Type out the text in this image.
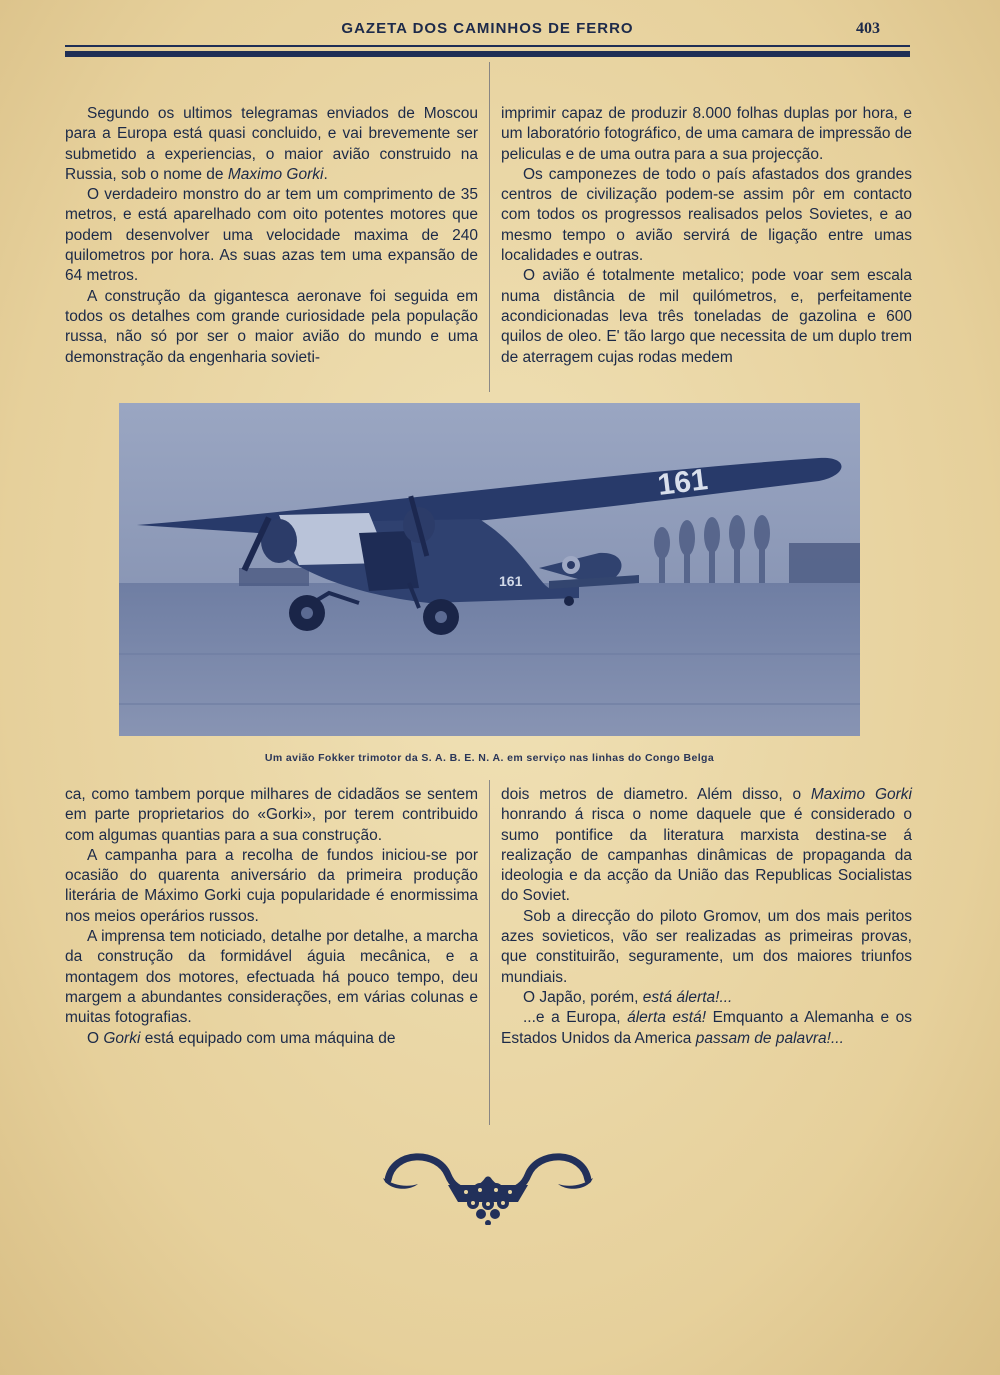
GAZETA DOS CAMINHOS DE FERRO	403

Segundo os ultimos telegramas enviados de Moscou para a Europa está quasi concluido, e vai brevemente ser submetido a experiencias, o maior avião construido na Russia, sob o nome de Maximo Gorki.

O verdadeiro monstro do ar tem um comprimento de 35 metros, e está aparelhado com oito potentes motores que podem desenvolver uma velocidade maxima de 240 quilometros por hora. As suas azas tem uma expansão de 64 metros.

A construção da gigantesca aeronave foi seguida em todos os detalhes com grande curiosidade pela população russa, não só por ser o maior avião do mundo e uma demonstração da engenharia sovieti-

imprimir capaz de produzir 8.000 folhas duplas por hora, e um laboratório fotográfico, de uma camara de impressão de peliculas e de uma outra para a sua projecção.

Os camponezes de todo o país afastados dos grandes centros de civilização podem-se assim pôr em contacto com todos os progressos realisados pelos Sovietes, e ao mesmo tempo o avião servirá de ligação entre umas localidades e outras.

O avião é totalmente metalico; pode voar sem escala numa distância de mil quilómetros, e, perfeitamente acondicionadas leva três toneladas de gazolina e 600 quilos de oleo. E' tão largo que necessita de um duplo trem de aterragem cujas rodas medem

161
161
Um avião Fokker trimotor da S. A. B. E. N. A. em serviço nas linhas do Congo Belga

ca, como tambem porque milhares de cidadãos se sentem em parte proprietarios do «Gorki», por terem contribuido com algumas quantias para a sua construção.

A campanha para a recolha de fundos iniciou-se por ocasião do quarenta aniversário da primeira produção literária de Máximo Gorki cuja popularidade é enormissima nos meios operários russos.

A imprensa tem noticiado, detalhe por detalhe, a marcha da construção da formidável águia mecânica, e a montagem dos motores, efectuada há pouco tempo, deu margem a abundantes considerações, em várias colunas e muitas fotografias.

O Gorki está equipado com uma máquina de

dois metros de diametro. Além disso, o Maximo Gorki honrando á risca o nome daquele que é considerado o sumo pontifice da literatura marxista destina-se á realização de campanhas dinâmicas de propaganda da ideologia e da acção da União das Republicas Socialistas do Soviet.

Sob a direcção do piloto Gromov, um dos mais peritos azes sovieticos, vão ser realizadas as primeiras provas, que constituirão, seguramente, um dos maiores triunfos mundiais.

O Japão, porém, está álerta!...

...e a Europa, álerta está! Emquanto a Alemanha e os Estados Unidos da America passam de palavra!...
